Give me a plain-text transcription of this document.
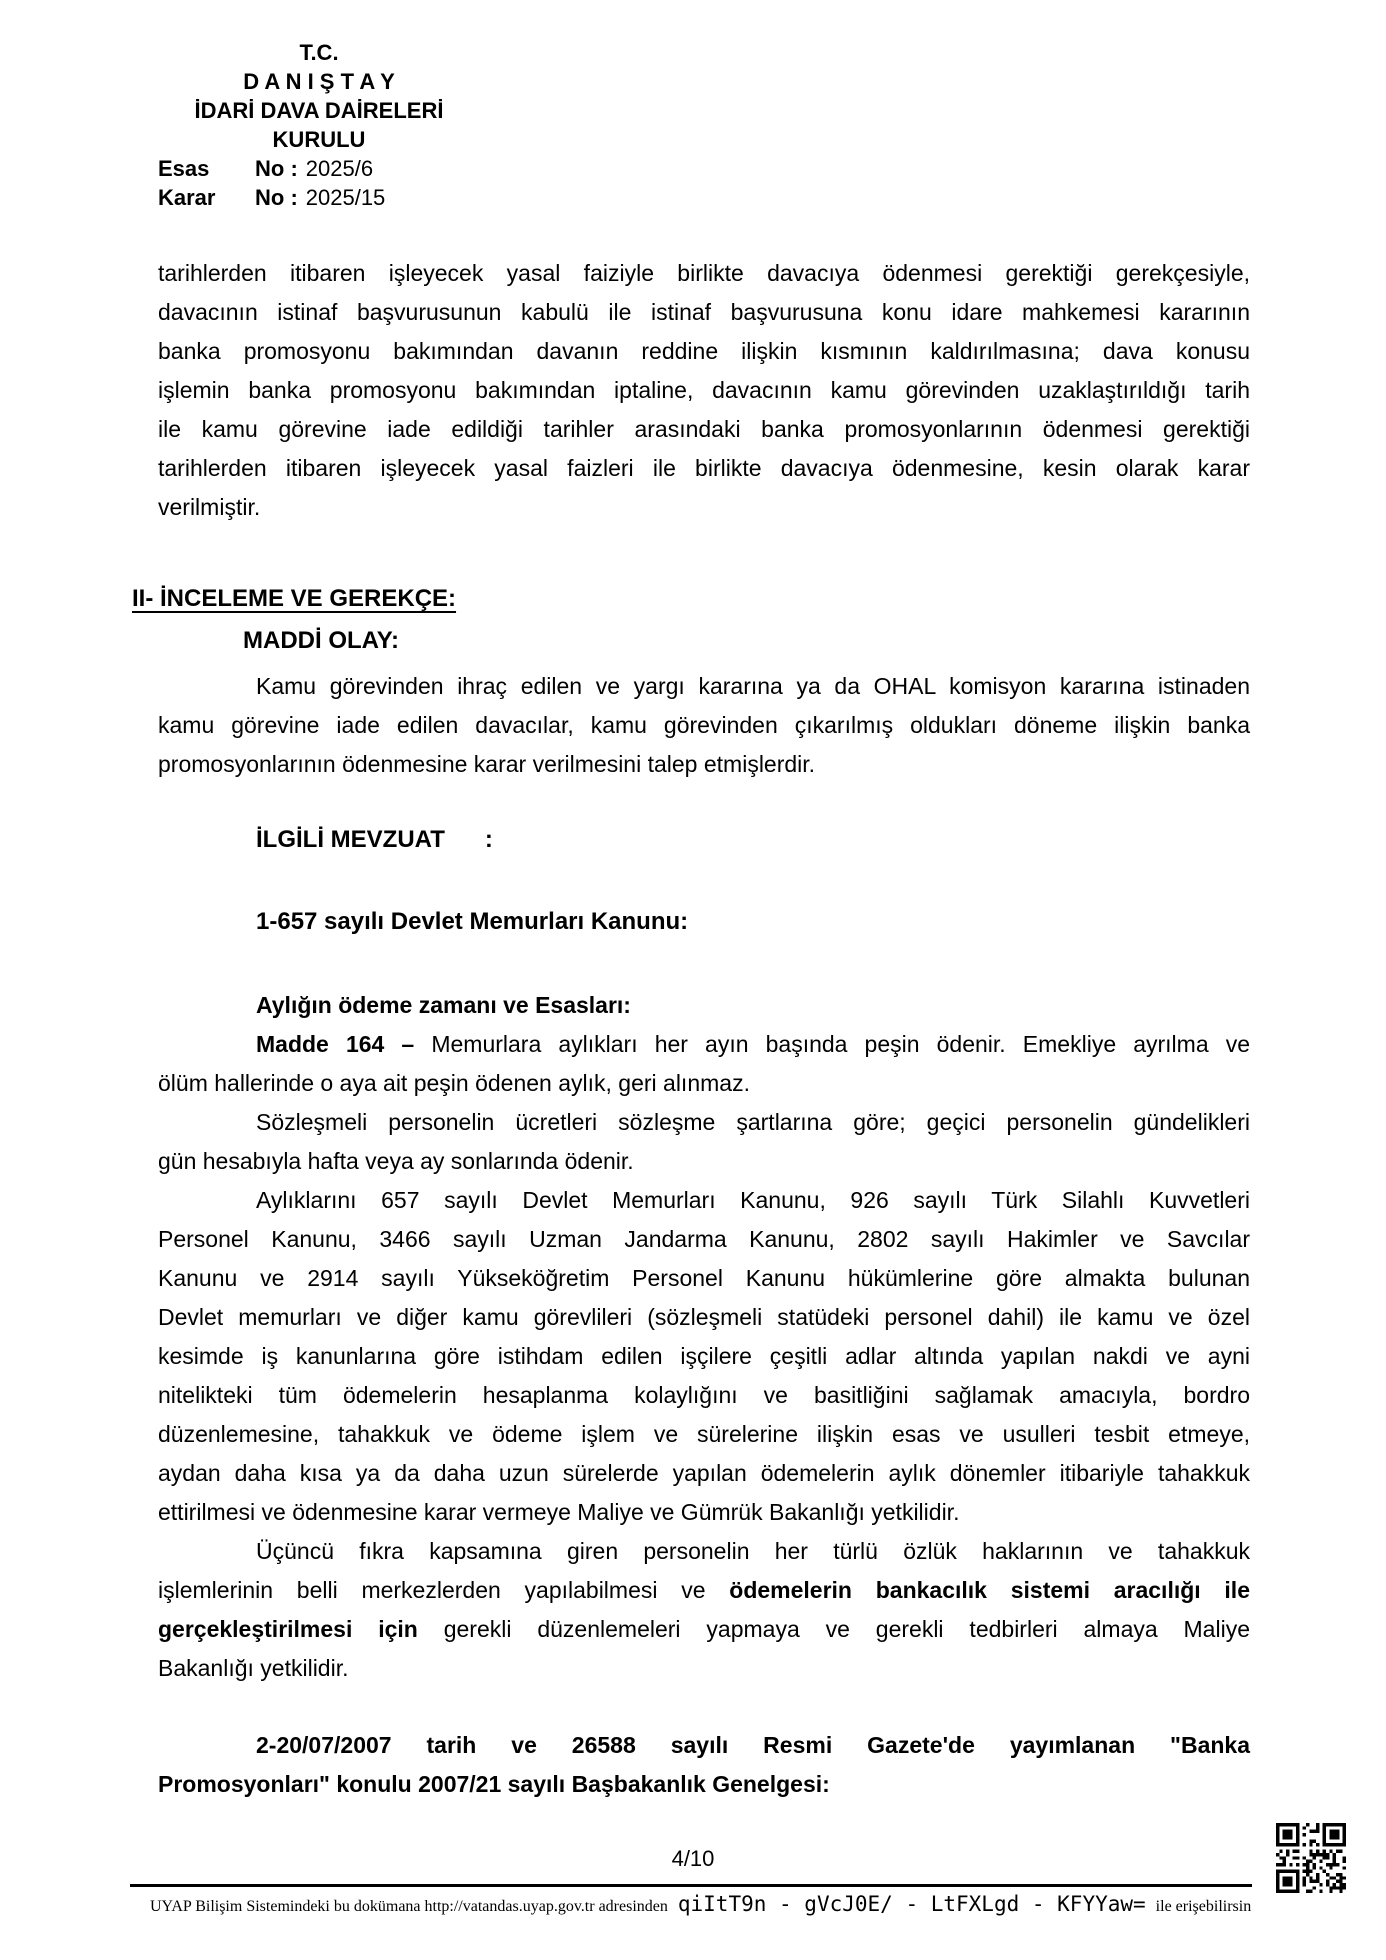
T.C.
D A N I Ş T A Y
İDARİ DAVA DAİRELERİ
KURULU
Esas No : 2025/6
Karar No : 2025/15
tarihlerden itibaren işleyecek yasal faiziyle birlikte davacıya ödenmesi gerektiği gerekçesiyle,
davacının istinaf başvurusunun kabulü ile istinaf başvurusuna konu idare mahkemesi kararının
banka promosyonu bakımından davanın reddine ilişkin kısmının kaldırılmasına; dava konusu
işlemin banka promosyonu bakımından iptaline, davacının kamu görevinden uzaklaştırıldığı tarih
ile kamu görevine iade edildiği tarihler arasındaki banka promosyonlarının ödenmesi gerektiği
tarihlerden itibaren işleyecek yasal faizleri ile birlikte davacıya ödenmesine, kesin olarak karar
verilmiştir.
II- İNCELEME VE GEREKÇE:
MADDİ OLAY:
Kamu görevinden ihraç edilen ve yargı kararına ya da OHAL komisyon kararına istinaden
kamu görevine iade edilen davacılar, kamu görevinden çıkarılmış oldukları döneme ilişkin banka
promosyonlarının ödenmesine karar verilmesini talep etmişlerdir.
İLGİLİ MEVZUAT      :
1-657 sayılı Devlet Memurları Kanunu:
Aylığın ödeme zamanı ve Esasları:
Madde 164 – Memurlara aylıkları her ayın başında peşin ödenir. Emekliye ayrılma ve
ölüm hallerinde o aya ait peşin ödenen aylık, geri alınmaz.
Sözleşmeli personelin ücretleri sözleşme şartlarına göre; geçici personelin gündelikleri
gün hesabıyla hafta veya ay sonlarında ödenir.
Aylıklarını 657 sayılı Devlet Memurları Kanunu, 926 sayılı Türk Silahlı Kuvvetleri
Personel Kanunu, 3466 sayılı Uzman Jandarma Kanunu, 2802 sayılı Hakimler ve Savcılar
Kanunu ve 2914 sayılı Yükseköğretim Personel Kanunu hükümlerine göre almakta bulunan
Devlet memurları ve diğer kamu görevlileri (sözleşmeli statüdeki personel dahil) ile kamu ve özel
kesimde iş kanunlarına göre istihdam edilen işçilere çeşitli adlar altında yapılan nakdi ve ayni
nitelikteki tüm ödemelerin hesaplanma kolaylığını ve basitliğini sağlamak amacıyla, bordro
düzenlemesine, tahakkuk ve ödeme işlem ve sürelerine ilişkin esas ve usulleri tesbit etmeye,
aydan daha kısa ya da daha uzun sürelerde yapılan ödemelerin aylık dönemler itibariyle tahakkuk
ettirilmesi ve ödenmesine karar vermeye Maliye ve Gümrük Bakanlığı yetkilidir.
Üçüncü fıkra kapsamına giren personelin her türlü özlük haklarının ve tahakkuk
işlemlerinin belli merkezlerden yapılabilmesi ve ödemelerin bankacılık sistemi aracılığı ile
gerçekleştirilmesi için gerekli düzenlemeleri yapmaya ve gerekli tedbirleri almaya Maliye
Bakanlığı yetkilidir.
2-20/07/2007 tarih ve 26588 sayılı Resmi Gazete'de yayımlanan "Banka
Promosyonları" konulu 2007/21 sayılı Başbakanlık Genelgesi:
4/10
UYAP Bilişim Sistemindeki bu dokümana http://vatandas.uyap.gov.tr adresinden qiItT9n - gVcJ0E/ - LtFXLgd - KFYYaw= ile erişebilirsin
